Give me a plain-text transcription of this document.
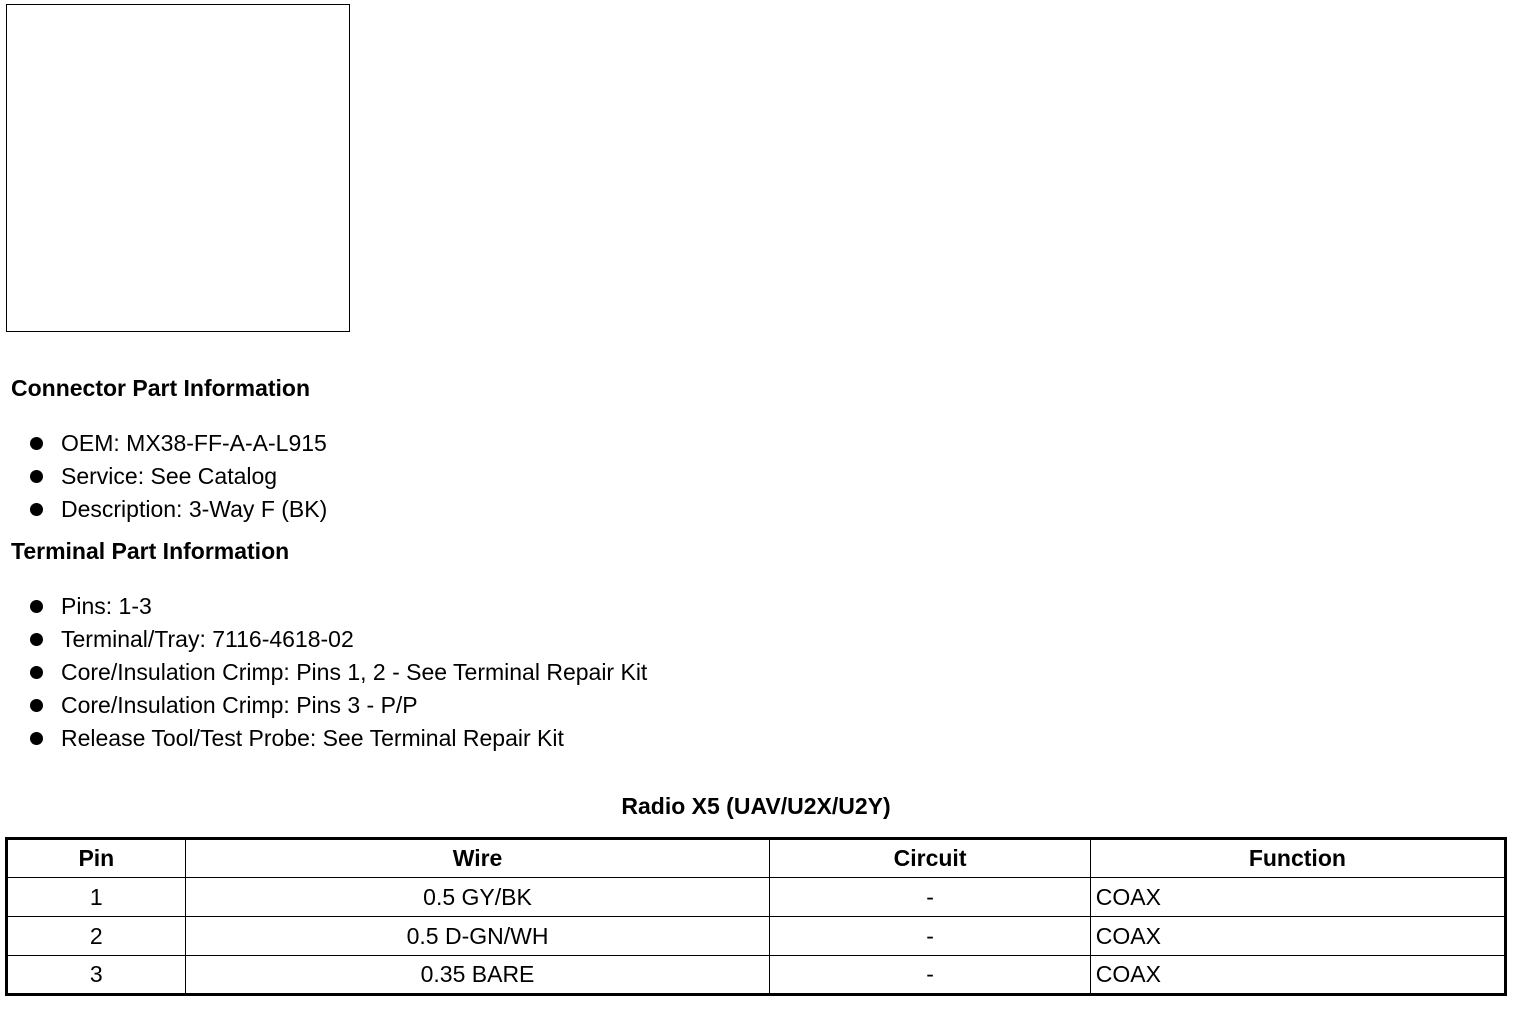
Connector Part Information
OEM: MX38-FF-A-A-L915
Service: See Catalog
Description: 3-Way F (BK)
Terminal Part Information
Pins: 1-3
Terminal/Tray: 7116-4618-02
Core/Insulation Crimp: Pins 1, 2 - See Terminal Repair Kit
Core/Insulation Crimp: Pins 3 - P/P
Release Tool/Test Probe: See Terminal Repair Kit
Radio X5 (UAV/U2X/U2Y)
Pin	Wire	Circuit	Function
1	0.5 GY/BK	-	COAX
2	0.5 D-GN/WH	-	COAX
3	0.35 BARE	-	COAX
